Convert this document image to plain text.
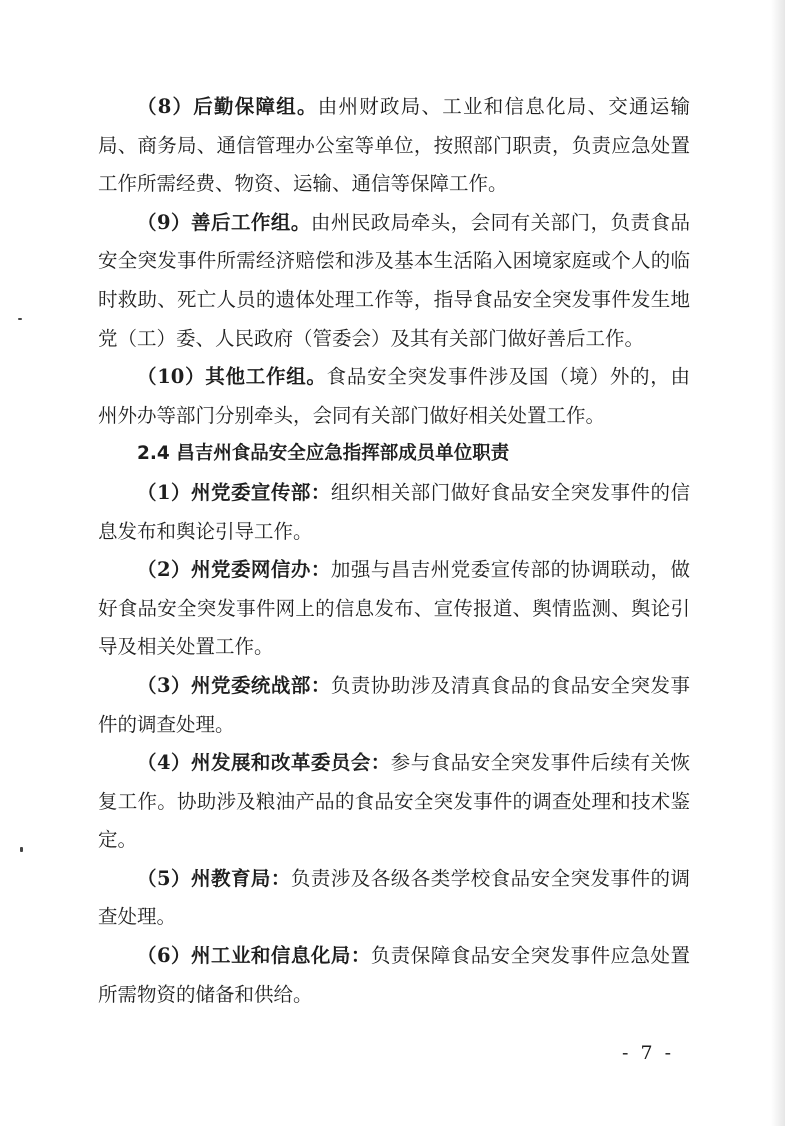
（8）后勤保障组。由州财政局、工业和信息化局、交通运输局、商务局、通信管理办公室等单位，按照部门职责，负责应急处置工作所需经费、物资、运输、通信等保障工作。

（9）善后工作组。由州民政局牵头，会同有关部门，负责食品安全突发事件所需经济赔偿和涉及基本生活陷入困境家庭或个人的临时救助、死亡人员的遗体处理工作等，指导食品安全突发事件发生地党（工）委、人民政府（管委会）及其有关部门做好善后工作。

（10）其他工作组。食品安全突发事件涉及国（境）外的，由州外办等部门分别牵头，会同有关部门做好相关处置工作。

2.4 昌吉州食品安全应急指挥部成员单位职责

（1）州党委宣传部：组织相关部门做好食品安全突发事件的信息发布和舆论引导工作。

（2）州党委网信办：加强与昌吉州党委宣传部的协调联动，做好食品安全突发事件网上的信息发布、宣传报道、舆情监测、舆论引导及相关处置工作。

（3）州党委统战部：负责协助涉及清真食品的食品安全突发事件的调查处理。

（4）州发展和改革委员会：参与食品安全突发事件后续有关恢复工作。协助涉及粮油产品的食品安全突发事件的调查处理和技术鉴定。

（5）州教育局：负责涉及各级各类学校食品安全突发事件的调查处理。

（6）州工业和信息化局：负责保障食品安全突发事件应急处置所需物资的储备和供给。

- 7 -
